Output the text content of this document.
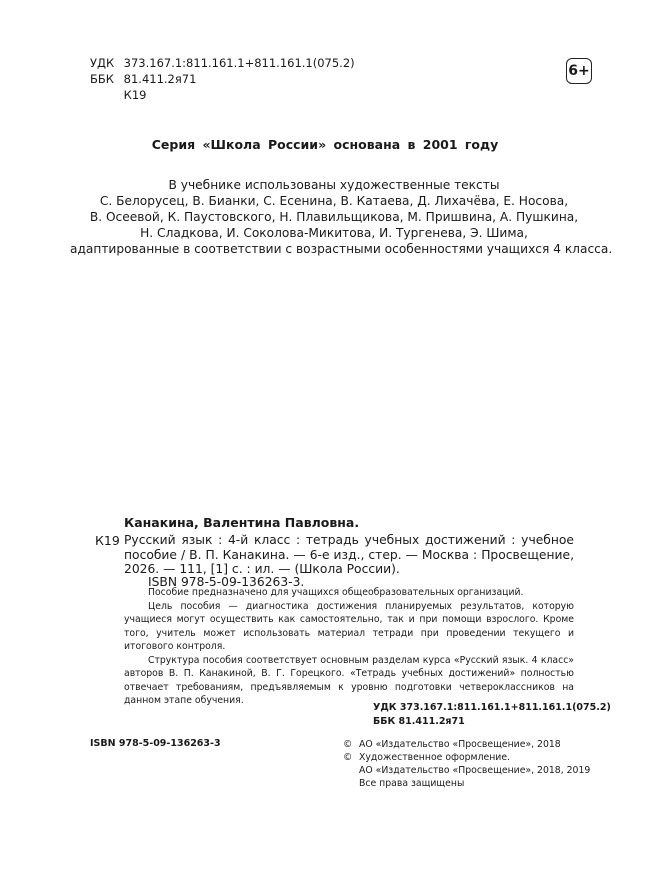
УДК 373.167.1:811.161.1+811.161.1(075.2)
ББК 81.411.2я71
К19
6+
Серия «Школа России» основана в 2001 году
В учебнике использованы художественные тексты
С. Белорусец, В. Бианки, С. Есенина, В. Катаева, Д. Лихачёва, Е. Носова,
В. Осеевой, К. Паустовского, Н. Плавильщикова, М. Пришвина, А. Пушкина,
Н. Сладкова, И. Соколова-Микитова, И. Тургенева, Э. Шима,
адаптированные в соответствии с возрастными особенностями учащихся 4 класса.
Канакина, Валентина Павловна.
К19 Русский язык : 4-й класс : тетрадь учебных достижений : учебное пособие / В. П. Канакина. — 6-е изд., стер. — Москва : Просвещение, 2026. — 111, [1] с. : ил. — (Школа России).
ISBN 978-5-09-136263-3.
Пособие предназначено для учащихся общеобразовательных организаций.
Цель пособия — диагностика достижения планируемых результатов, которую учащиеся могут осуществить как самостоятельно, так и при помощи взрослого. Кроме того, учитель может использовать материал тетради при проведении текущего и итогового контроля.
Структура пособия соответствует основным разделам курса «Русский язык. 4 класс» авторов В. П. Канакиной, В. Г. Горецкого. «Тетрадь учебных достижений» полностью отвечает требованиям, предъявляемым к уровню подготовки четвероклассников на данном этапе обучения.
УДК 373.167.1:811.161.1+811.161.1(075.2)
ББК 81.411.2я71
ISBN 978-5-09-136263-3	© АО «Издательство «Просвещение», 2018
© Художественное оформление.
АО «Издательство «Просвещение», 2018, 2019
Все права защищены
